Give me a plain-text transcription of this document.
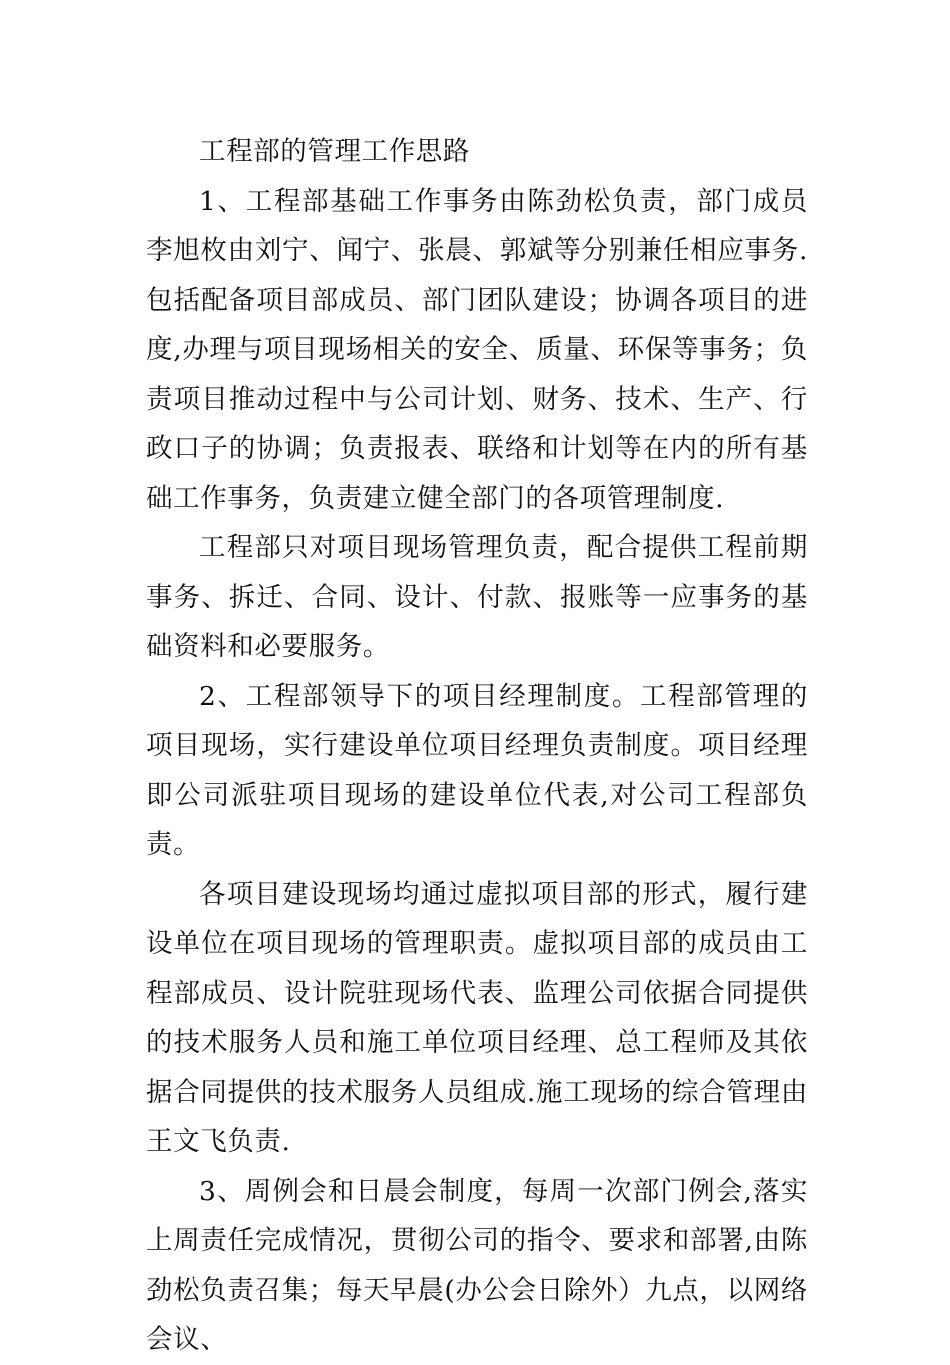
工程部的管理工作思路

1、工程部基础工作事务由陈劲松负责，部门成员李旭枚由刘宁、闻宁、张晨、郭斌等分别兼任相应事务.包括配备项目部成员、部门团队建设；协调各项目的进度,办理与项目现场相关的安全、质量、环保等事务；负责项目推动过程中与公司计划、财务、技术、生产、行政口子的协调；负责报表、联络和计划等在内的所有基础工作事务，负责建立健全部门的各项管理制度.

工程部只对项目现场管理负责，配合提供工程前期事务、拆迁、合同、设计、付款、报账等一应事务的基础资料和必要服务。

2、工程部领导下的项目经理制度。工程部管理的项目现场，实行建设单位项目经理负责制度。项目经理即公司派驻项目现场的建设单位代表,对公司工程部负责。

各项目建设现场均通过虚拟项目部的形式，履行建设单位在项目现场的管理职责。虚拟项目部的成员由工程部成员、设计院驻现场代表、监理公司依据合同提供的技术服务人员和施工单位项目经理、总工程师及其依据合同提供的技术服务人员组成.施工现场的综合管理由王文飞负责.

3、周例会和日晨会制度，每周一次部门例会,落实上周责任完成情况，贯彻公司的指令、要求和部署,由陈劲松负责召集；每天早晨(办公会日除外）九点，以网络会议、
